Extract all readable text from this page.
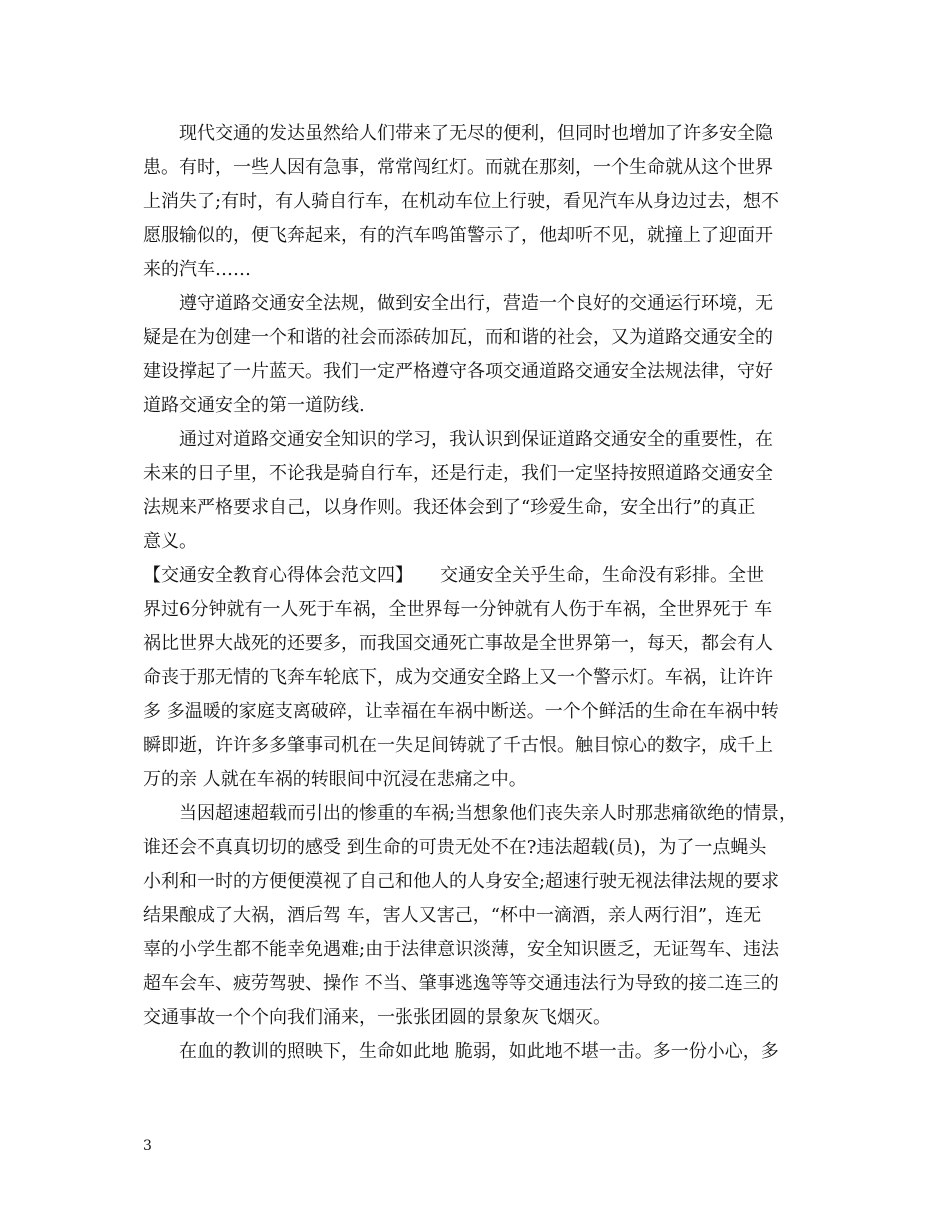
现代交通的发达虽然给人们带来了无尽的便利，但同时也增加了许多安全隐
患。有时，一些人因有急事，常常闯红灯。而就在那刻，一个生命就从这个世界
上消失了;有时，有人骑自行车，在机动车位上行驶，看见汽车从身边过去，想不
愿服输似的，便飞奔起来，有的汽车鸣笛警示了，他却听不见，就撞上了迎面开
来的汽车……
遵守道路交通安全法规，做到安全出行，营造一个良好的交通运行环境，无
疑是在为创建一个和谐的社会而添砖加瓦，而和谐的社会，又为道路交通安全的
建设撑起了一片蓝天。我们一定严格遵守各项交通道路交通安全法规法律，守好
道路交通安全的第一道防线.
通过对道路交通安全知识的学习，我认识到保证道路交通安全的重要性，在
未来的日子里，不论我是骑自行车，还是行走，我们一定坚持按照道路交通安全
法规来严格要求自己，以身作则。我还体会到了“珍爱生命，安全出行”的真正
意义。
【交通安全教育心得体会范文四】　　交通安全关乎生命，生命没有彩排。全世
界过6分钟就有一人死于车祸，全世界每一分钟就有人伤于车祸，全世界死于 车
祸比世界大战死的还要多，而我国交通死亡事故是全世界第一，每天，都会有人
命丧于那无情的飞奔车轮底下，成为交通安全路上又一个警示灯。车祸，让许许
多 多温暖的家庭支离破碎，让幸福在车祸中断送。一个个鲜活的生命在车祸中转
瞬即逝，许许多多肇事司机在一失足间铸就了千古恨。触目惊心的数字，成千上
万的亲 人就在车祸的转眼间中沉浸在悲痛之中。
当因超速超载而引出的惨重的车祸;当想象他们丧失亲人时那悲痛欲绝的情景，
谁还会不真真切切的感受 到生命的可贵无处不在?违法超载(员)，为了一点蝇头
小利和一时的方便便漠视了自己和他人的人身安全;超速行驶无视法律法规的要求
结果酿成了大祸，酒后驾 车，害人又害己，“杯中一滴酒，亲人两行泪”，连无
辜的小学生都不能幸免遇难;由于法律意识淡薄，安全知识匮乏，无证驾车、违法
超车会车、疲劳驾驶、操作 不当、肇事逃逸等等交通违法行为导致的接二连三的
交通事故一个个向我们涌来，一张张团圆的景象灰飞烟灭。
在血的教训的照映下，生命如此地 脆弱，如此地不堪一击。多一份小心，多
3
